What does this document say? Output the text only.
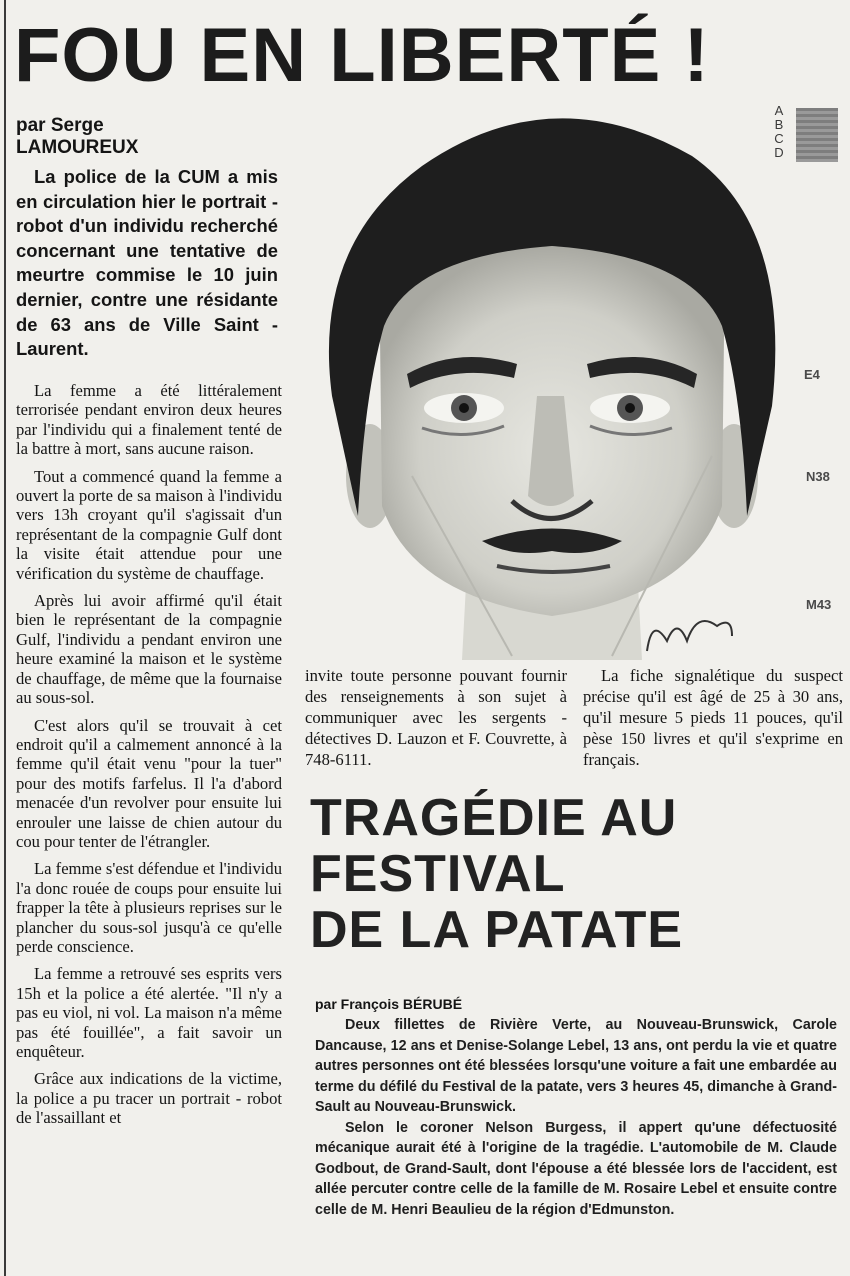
FOU EN LIBERTÉ !
par Serge
LAMOUREUX

La police de la CUM a mis en circulation hier le portrait - robot d'un individu recherché concernant une tentative de meurtre commise le 10 juin dernier, contre une résidante de 63 ans de Ville Saint - Laurent.

La femme a été littéralement terrorisée pendant environ deux heures par l'individu qui a finalement tenté de la battre à mort, sans aucune raison.

Tout a commencé quand la femme a ouvert la porte de sa maison à l'individu vers 13h croyant qu'il s'agissait d'un représentant de la compagnie Gulf dont la visite était attendue pour une vérification du système de chauffage.

Après lui avoir affirmé qu'il était bien le représentant de la compagnie Gulf, l'individu a pendant environ une heure examiné la maison et le système de chauffage, de même que la fournaise au sous-sol.

C'est alors qu'il se trouvait à cet endroit qu'il a calmement annoncé à la femme qu'il était venu "pour la tuer" pour des motifs farfelus. Il l'a d'abord menacée d'un revolver pour ensuite lui enrouler une laisse de chien autour du cou pour tenter de l'étrangler.

La femme s'est défendue et l'individu l'a donc rouée de coups pour ensuite lui frapper la tête à plusieurs reprises sur le plancher du sous-sol jusqu'à ce qu'elle perde conscience.

La femme a retrouvé ses esprits vers 15h et la police a été alertée. "Il n'y a pas eu viol, ni vol. La maison n'a même pas été fouillée", a fait savoir un enquêteur.

Grâce aux indications de la victime, la police a pu tracer un portrait - robot de l'assaillant et

A
B
C
D
E4
N38
M43

invite toute personne pouvant fournir des renseignements à son sujet à communiquer avec les sergents - détectives D. Lauzon et F. Couvrette, à 748-6111.

La fiche signalétique du suspect précise qu'il est âgé de 25 à 30 ans, qu'il mesure 5 pieds 11 pouces, qu'il pèse 150 livres et qu'il s'exprime en français.

TRAGÉDIE AU
FESTIVAL
DE LA PATATE
par François BÉRUBÉ

Deux fillettes de Rivière Verte, au Nouveau-Brunswick, Carole Dancause, 12 ans et Denise-Solange Lebel, 13 ans, ont perdu la vie et quatre autres personnes ont été blessées lorsqu'une voiture a fait une embardée au terme du défilé du Festival de la patate, vers 3 heures 45, dimanche à Grand-Sault au Nouveau-Brunswick.

Selon le coroner Nelson Burgess, il appert qu'une défectuosité mécanique aurait été à l'origine de la tragédie. L'automobile de M. Claude Godbout, de Grand-Sault, dont l'épouse a été blessée lors de l'accident, est allée percuter contre celle de la famille de M. Rosaire Lebel et ensuite contre celle de M. Henri Beaulieu de la région d'Edmunston.
